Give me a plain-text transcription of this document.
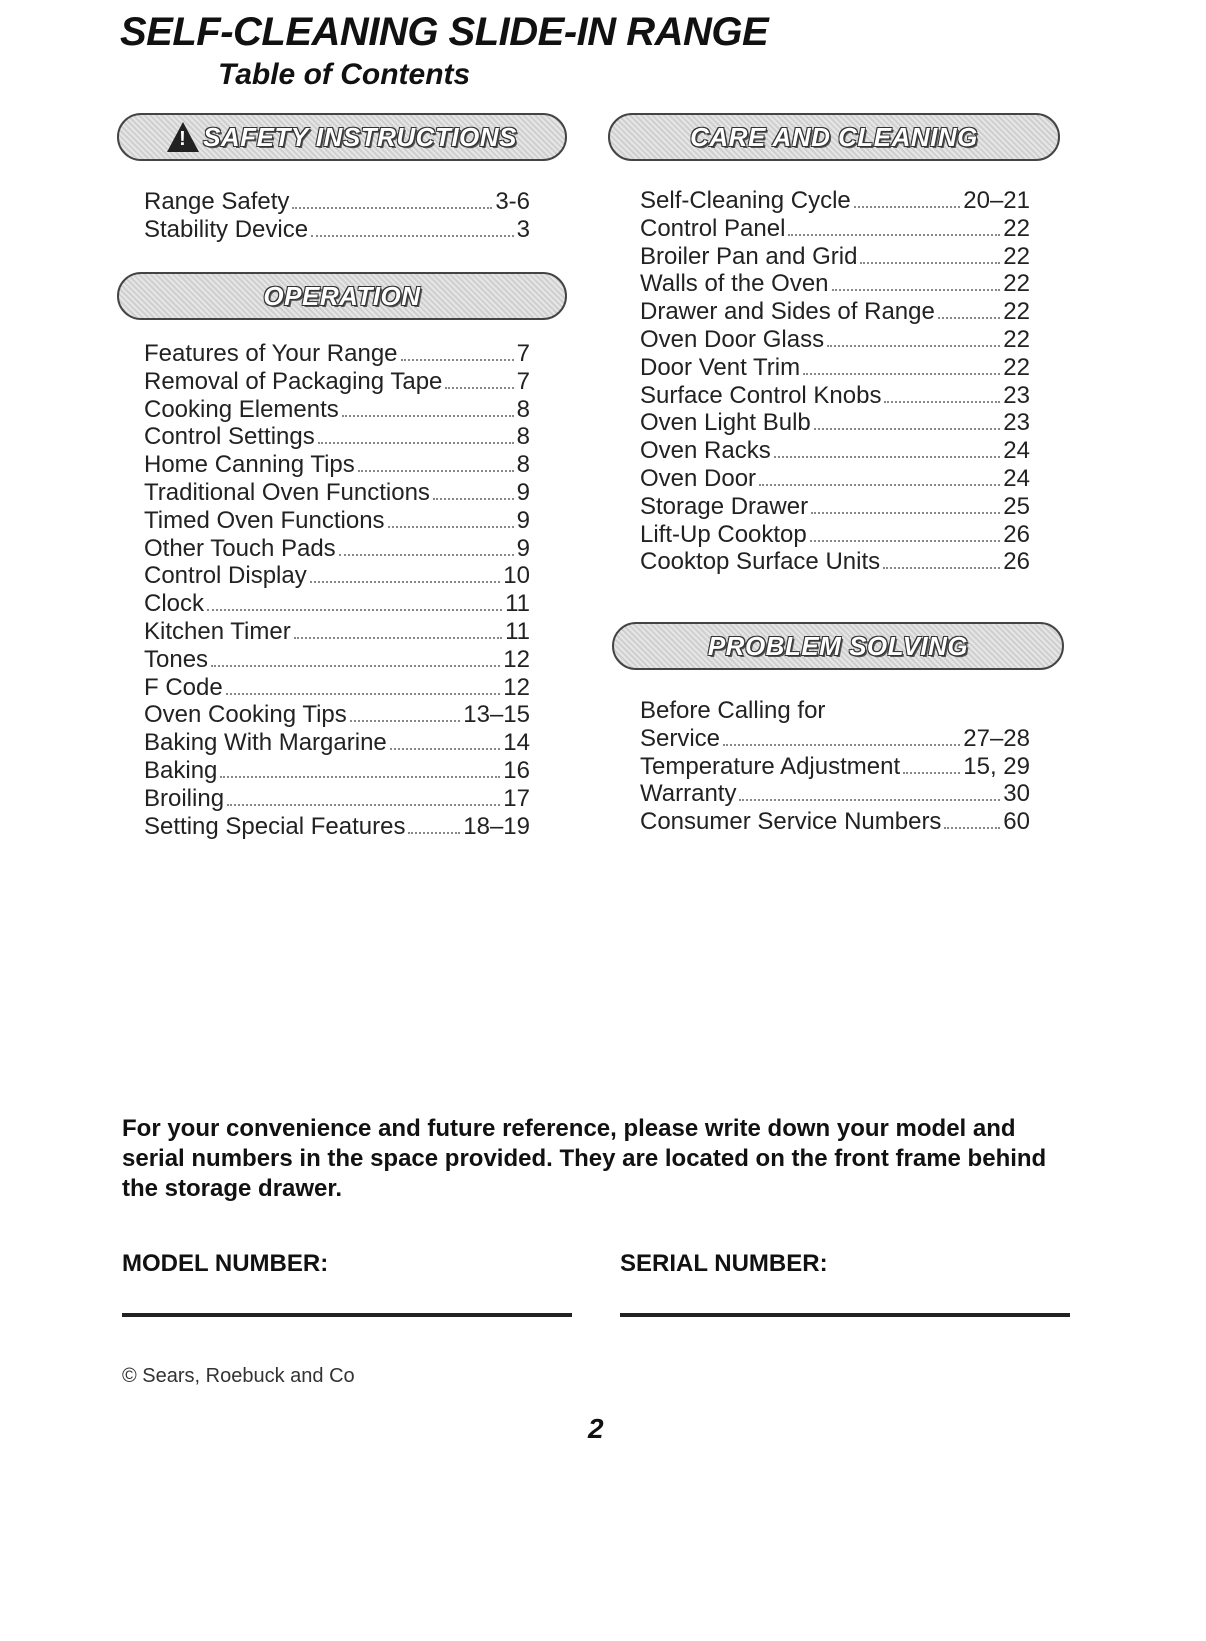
SELF-CLEANING SLIDE-IN RANGE
Table of Contents
!
SAFETY INSTRUCTIONS
Range Safety	3-6
Stability Device	3
OPERATION
Features of Your Range	7
Removal of Packaging Tape	7
Cooking Elements	8
Control Settings	8
Home Canning Tips	8
Traditional Oven Functions	9
Timed Oven Functions	9
Other Touch Pads	9
Control Display	10
Clock	11
Kitchen Timer	11
Tones	12
F Code	12
Oven Cooking Tips	13–15
Baking With Margarine	14
Baking	16
Broiling	17
Setting Special Features 18–19
CARE AND CLEANING
Self-Cleaning Cycle	20–21
Control Panel	22
Broiler Pan and Grid	22
Walls of the Oven	22
Drawer and Sides of Range	22
Oven Door Glass	22
Door Vent Trim	22
Surface Control Knobs	23
Oven Light Bulb	23
Oven Racks	24
Oven Door	24
Storage Drawer	25
Lift-Up Cooktop	26
Cooktop Surface Units	26
PROBLEM SOLVING
Before Calling for
Service	27–28
Temperature Adjustment	15, 29
Warranty	30
Consumer Service Numbers	60

For your convenience and future reference, please write down your model and serial numbers in the space provided. They are located on the front frame behind the storage drawer.

MODEL NUMBER:	SERIAL NUMBER:
© Sears, Roebuck and Co
2
